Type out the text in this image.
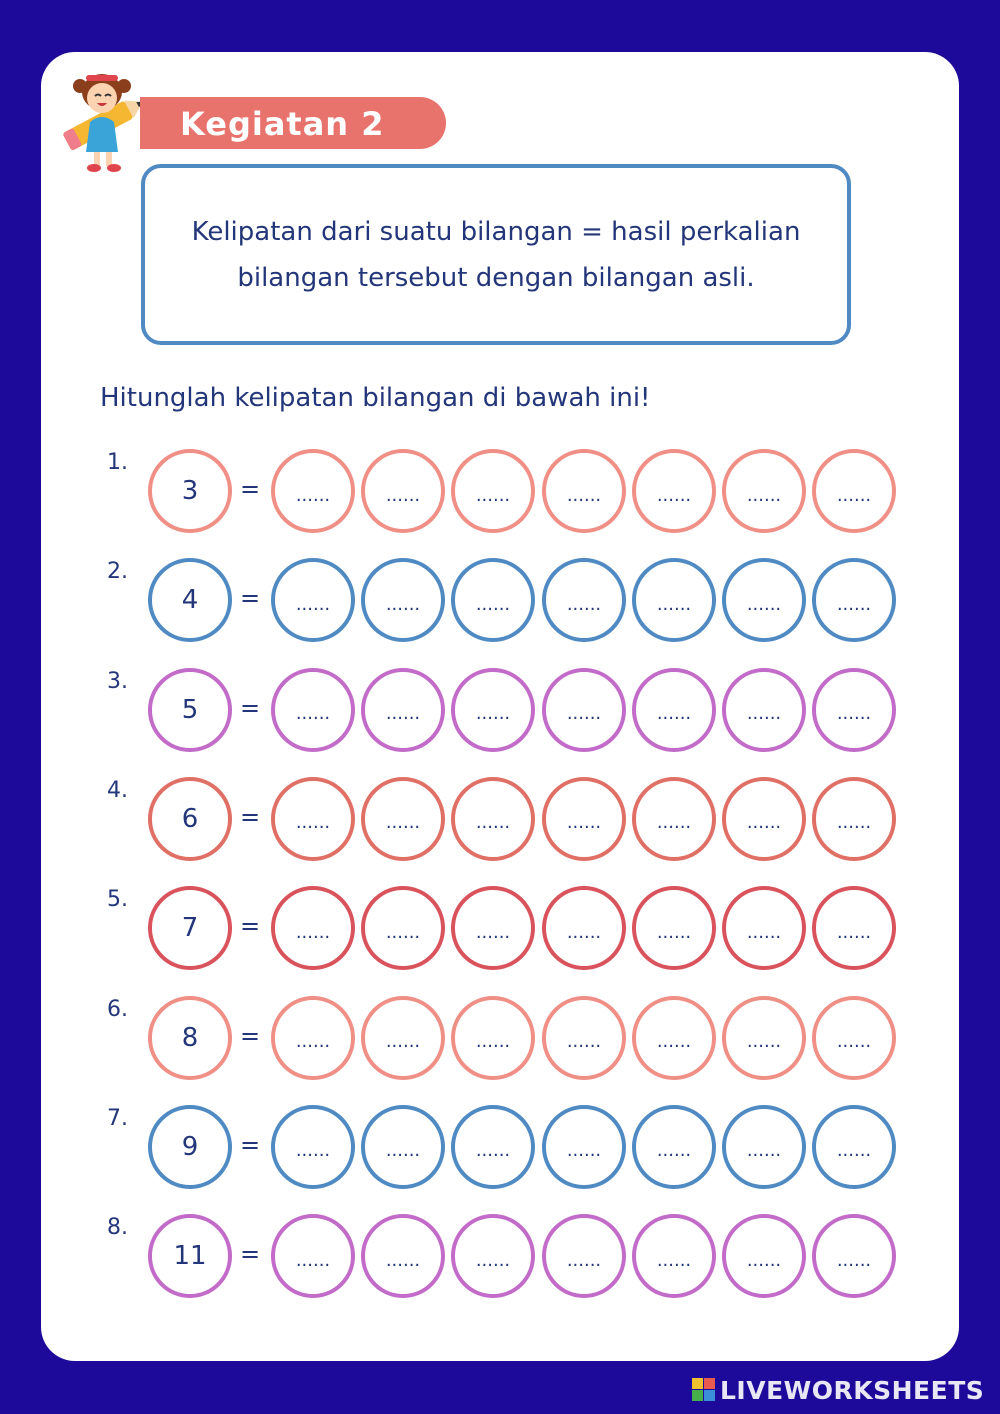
Kegiatan 2
Kelipatan dari suatu bilangan = hasil perkalian
bilangan tersebut dengan bilangan asli.
Hitunglah kelipatan bilangan di bawah ini!
1.
3	=	......	......	......	......	......	......	......
2.
4	=	......	......	......	......	......	......	......
3.
5	=	......	......	......	......	......	......	......
4.
6	=	......	......	......	......	......	......	......
5.
7	=	......	......	......	......	......	......	......
6.
8	=	......	......	......	......	......	......	......
7.
9	=	......	......	......	......	......	......	......
8.
11	=	......	......	......	......	......	......	......
LIVEWORKSHEETS
